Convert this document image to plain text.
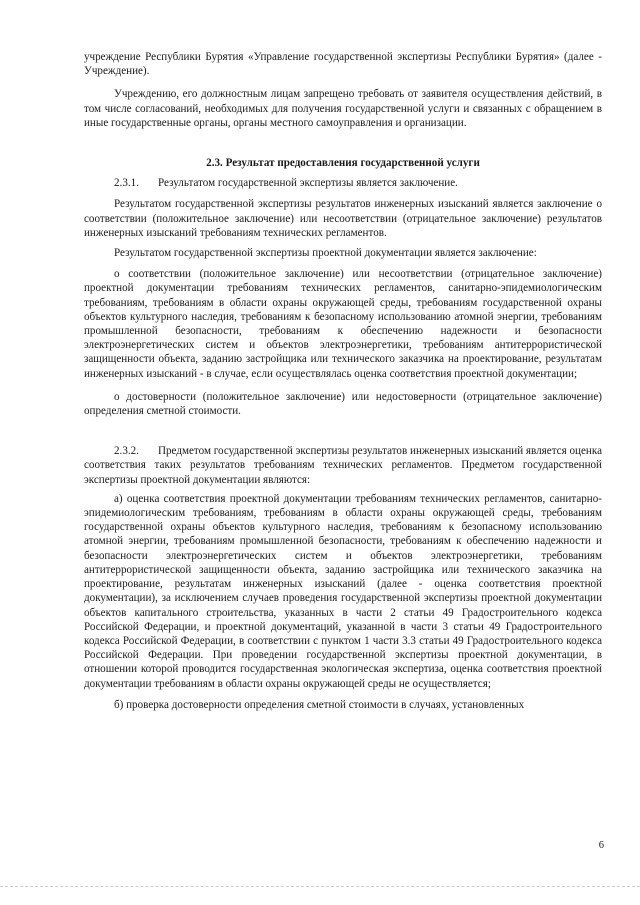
учреждение Республики Бурятия «Управление государственной экспертизы Республики Бурятия» (далее - Учреждение).

Учреждению, его должностным лицам запрещено требовать от заявителя осуществления действий, в том числе согласований, необходимых для получения государственной услуги и связанных с обращением в иные государственные органы, органы местного самоуправления и организации.

2.3. Результат предоставления государственной услуги

2.3.1. Результатом государственной экспертизы является заключение.

Результатом государственной экспертизы результатов инженерных изысканий является заключение о соответствии (положительное заключение) или несоответствии (отрицательное заключение) результатов инженерных изысканий требованиям технических регламентов.

Результатом государственной экспертизы проектной документации является заключение:

о соответствии (положительное заключение) или несоответствии (отрицательное заключение) проектной документации требованиям технических регламентов, санитарно-эпидемиологическим требованиям, требованиям в области охраны окружающей среды, требованиям государственной охраны объектов культурного наследия, требованиям к безопасному использованию атомной энергии, требованиям промышленной безопасности, требованиям к обеспечению надежности и безопасности электроэнергетических систем и объектов электроэнергетики, требованиям антитеррористической защищенности объекта, заданию застройщика или технического заказчика на проектирование, результатам инженерных изысканий - в случае, если осуществлялась оценка соответствия проектной документации;

о достоверности (положительное заключение) или недостоверности (отрицательное заключение) определения сметной стоимости.

2.3.2. Предметом государственной экспертизы результатов инженерных изысканий является оценка соответствия таких результатов требованиям технических регламентов. Предметом государственной экспертизы проектной документации являются:

а) оценка соответствия проектной документации требованиям технических регламентов, санитарно-эпидемиологическим требованиям, требованиям в области охраны окружающей среды, требованиям государственной охраны объектов культурного наследия, требованиям к безопасному использованию атомной энергии, требованиям промышленной безопасности, требованиям к обеспечению надежности и безопасности электроэнергетических систем и объектов электроэнергетики, требованиям антитеррористической защищенности объекта, заданию застройщика или технического заказчика на проектирование, результатам инженерных изысканий (далее - оценка соответствия проектной документации), за исключением случаев проведения государственной экспертизы проектной документации объектов капитального строительства, указанных в части 2 статьи 49 Градостроительного кодекса Российской Федерации, и проектной документаций, указанной в части 3 статьи 49 Градостроительного кодекса Российской Федерации, в соответствии с пунктом 1 части 3.3 статьи 49 Градостроительного кодекса Российской Федерации. При проведении государственной экспертизы проектной документации, в отношении которой проводится государственная экологическая экспертиза, оценка соответствия проектной документации требованиям в области охраны окружающей среды не осуществляется;

б) проверка достоверности определения сметной стоимости в случаях, установленных

6
